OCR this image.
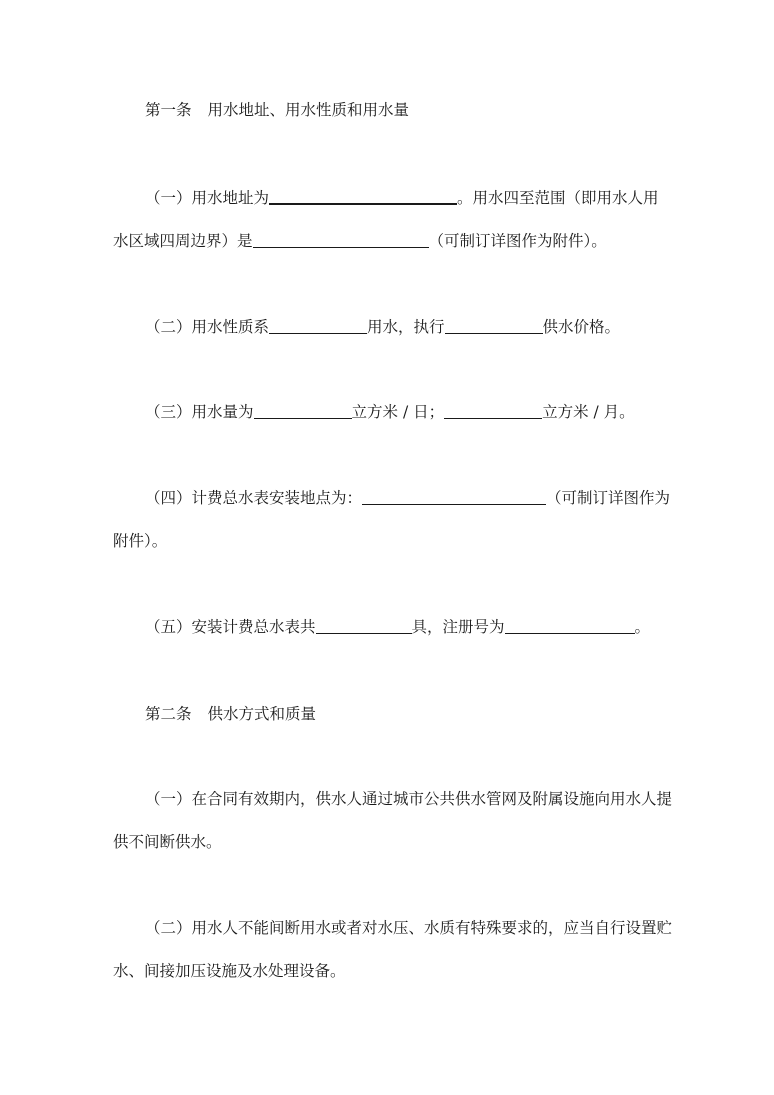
第一条 用水地址、用水性质和用水量
（一）用水地址为	。用水四至范围（即用水人用
水区域四周边界）是	（可制订详图作为附件）。
（二）用水性质系	用水，执行	供水价格。
（三）用水量为	立方米 / 日；	立方米 / 月。
（四）计费总水表安装地点为：	（可制订详图作为
附件）。
（五）安装计费总水表共	具，注册号为	。
第二条 供水方式和质量
（一）在合同有效期内，供水人通过城市公共供水管网及附属设施向用水人提
供不间断供水。
（二）用水人不能间断用水或者对水压、水质有特殊要求的，应当自行设置贮
水、间接加压设施及水处理设备。
